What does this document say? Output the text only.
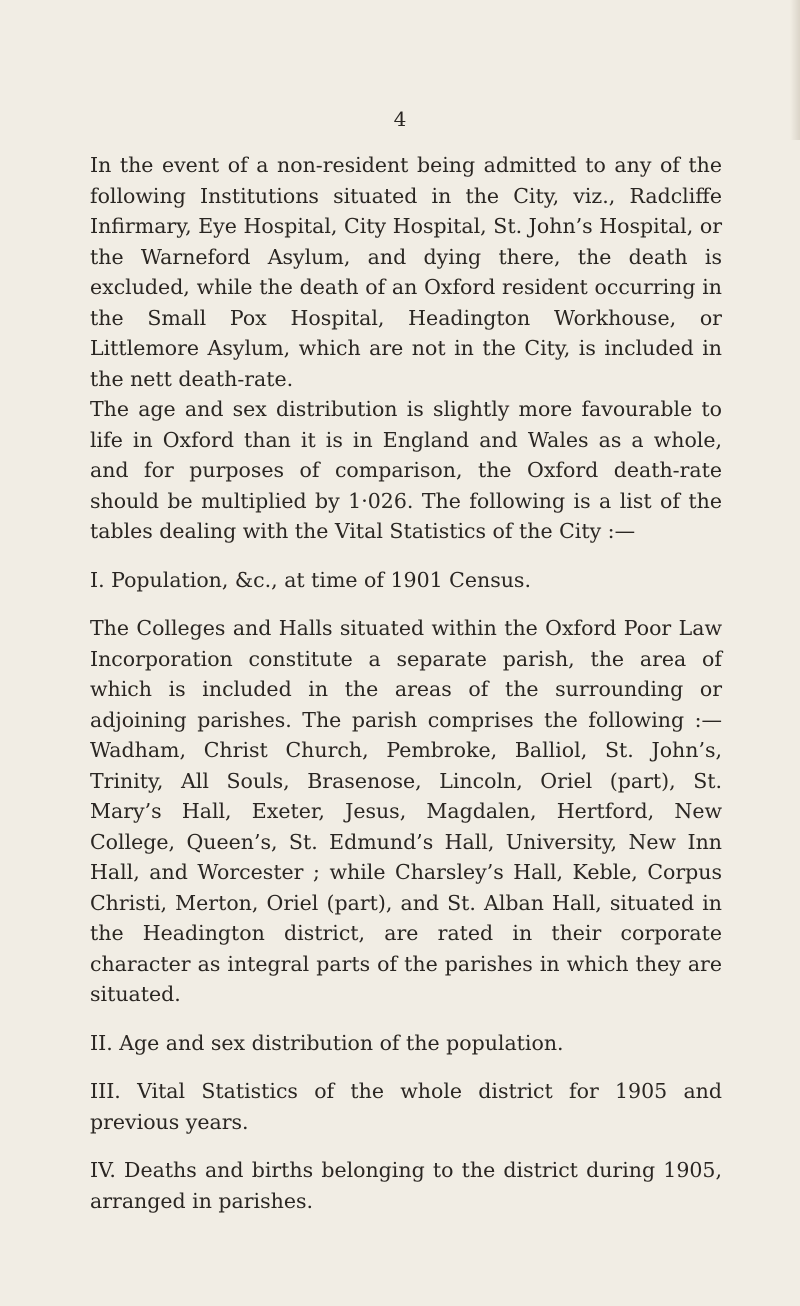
4

In the event of a non-resident being admitted to any of the following Institutions situated in the City, viz., Radcliffe Infirmary, Eye Hospital, City Hospital, St. John’s Hospital, or the Warneford Asylum, and dying there, the death is excluded, while the death of an Oxford resident occurring in the Small Pox Hospital, Headington Workhouse, or Littlemore Asylum, which are not in the City, is included in the nett death-rate.

The age and sex distribution is slightly more favourable to life in Oxford than it is in England and Wales as a whole, and for purposes of comparison, the Oxford death-rate should be multiplied by 1·026. The following is a list of the tables dealing with the Vital Statistics of the City :—

I. Population, &c., at time of 1901 Census.

The Colleges and Halls situated within the Oxford Poor Law Incorporation constitute a separate parish, the area of which is included in the areas of the surrounding or adjoining parishes. The parish comprises the following :— Wadham, Christ Church, Pembroke, Balliol, St. John’s, Trinity, All Souls, Brasenose, Lincoln, Oriel (part), St. Mary’s Hall, Exeter, Jesus, Magdalen, Hertford, New College, Queen’s, St. Edmund’s Hall, University, New Inn Hall, and Worcester ; while Charsley’s Hall, Keble, Corpus Christi, Merton, Oriel (part), and St. Alban Hall, situated in the Headington district, are rated in their corporate character as integral parts of the parishes in which they are situated.

II. Age and sex distribution of the population.

III. Vital Statistics of the whole district for 1905 and previous years.

IV. Deaths and births belonging to the district during 1905, arranged in parishes.
